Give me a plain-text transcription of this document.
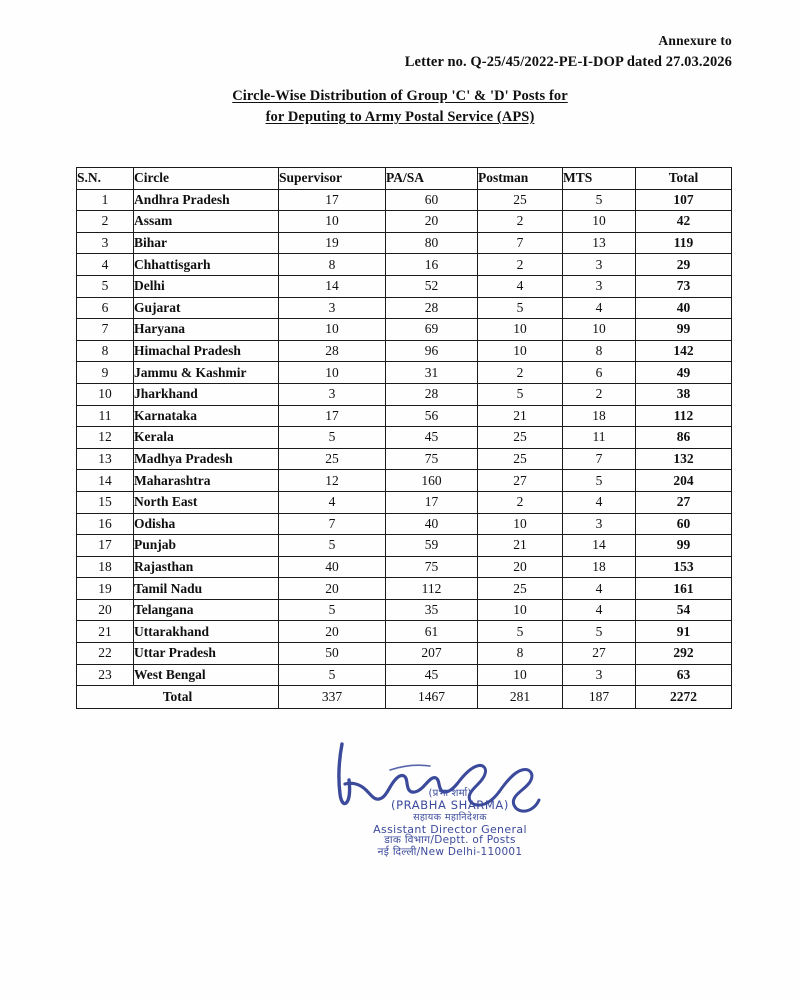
Annexure to
Letter no. Q-25/45/2022-PE-I-DOP dated 27.03.2026
Circle-Wise Distribution of Group 'C' & 'D' Posts for
for Deputing to Army Postal Service (APS)
S.N.	Circle	Supervisor	PA/SA	Postman	MTS	Total
1	Andhra Pradesh	17	60	25	5	107
2	Assam	10	20	2	10	42
3	Bihar	19	80	7	13	119
4	Chhattisgarh	8	16	2	3	29
5	Delhi	14	52	4	3	73
6	Gujarat	3	28	5	4	40
7	Haryana	10	69	10	10	99
8	Himachal Pradesh	28	96	10	8	142
9	Jammu & Kashmir	10	31	2	6	49
10	Jharkhand	3	28	5	2	38
11	Karnataka	17	56	21	18	112
12	Kerala	5	45	25	11	86
13	Madhya Pradesh	25	75	25	7	132
14	Maharashtra	12	160	27	5	204
15	North East	4	17	2	4	27
16	Odisha	7	40	10	3	60
17	Punjab	5	59	21	14	99
18	Rajasthan	40	75	20	18	153
19	Tamil Nadu	20	112	25	4	161
20	Telangana	5	35	10	4	54
21	Uttarakhand	20	61	5	5	91
22	Uttar Pradesh	50	207	8	27	292
23	West Bengal	5	45	10	3	63
Total		337	1467	281	187	2272
(प्रभा शर्मा)
(PRABHA SHARMA)
सहायक महानिदेशक
Assistant Director General
डाक विभाग/Deptt. of Posts
नई दिल्ली/New Delhi-110001
